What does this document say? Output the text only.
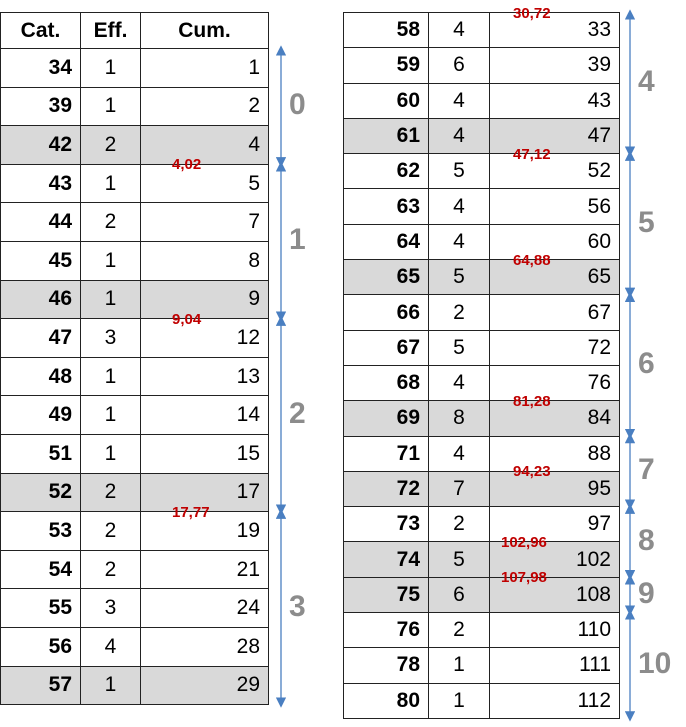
Cat.	Eff.	Cum.
34	1	1
39	1	2
42	2	4
43	1	5
44	2	7
45	1	8
46	1	9
47	3	12
48	1	13
49	1	14
51	1	15
52	2	17
53	2	19
54	2	21
55	3	24
56	4	28
57	1	29
58	4	33
59	6	39
60	4	43
61	4	47
62	5	52
63	4	56
64	4	60
65	5	65
66	2	67
67	5	72
68	4	76
69	8	84
71	4	88
72	7	95
73	2	97
74	5	102
75	6	108
76	2	110
78	1	111
80	1	112
4,02
9,04
17,77
30,72
47,12
64,88
81,28
94,23
102,96
107,98
0
1
2
3
4
5
6
7
8
9
10
